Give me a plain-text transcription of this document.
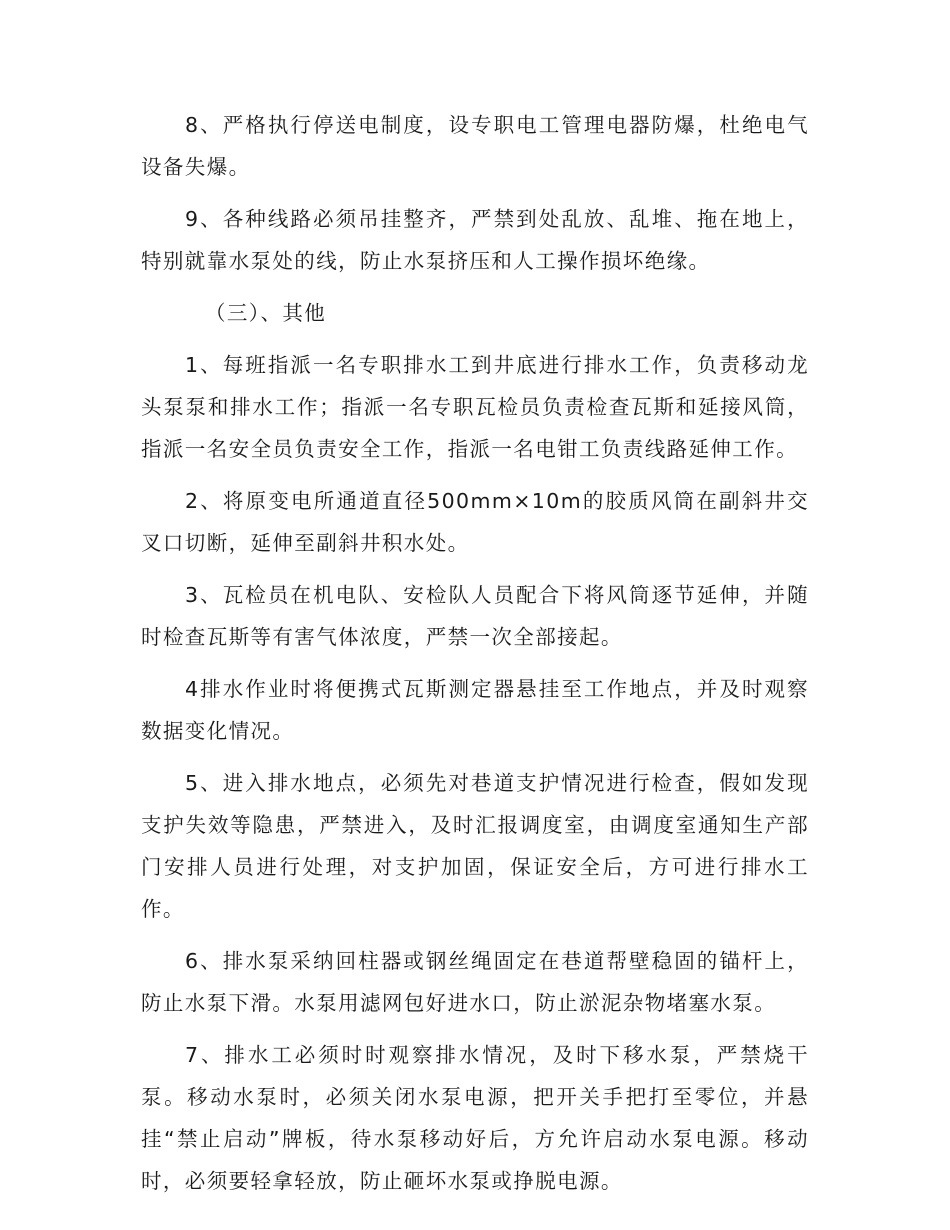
8、严格执行停送电制度，设专职电工管理电器防爆，杜绝电气设备失爆。

9、各种线路必须吊挂整齐，严禁到处乱放、乱堆、拖在地上，特别就靠水泵处的线，防止水泵挤压和人工操作损坏绝缘。

（三）、其他

1、每班指派一名专职排水工到井底进行排水工作，负责移动龙头泵泵和排水工作；指派一名专职瓦检员负责检查瓦斯和延接风筒，指派一名安全员负责安全工作，指派一名电钳工负责线路延伸工作。

2、将原变电所通道直径500mm×10m的胶质风筒在副斜井交叉口切断，延伸至副斜井积水处。

3、瓦检员在机电队、安检队人员配合下将风筒逐节延伸，并随时检查瓦斯等有害气体浓度，严禁一次全部接起。

4排水作业时将便携式瓦斯测定器悬挂至工作地点，并及时观察数据变化情况。

5、进入排水地点，必须先对巷道支护情况进行检查，假如发现支护失效等隐患，严禁进入，及时汇报调度室，由调度室通知生产部门安排人员进行处理，对支护加固，保证安全后，方可进行排水工作。

6、排水泵采纳回柱器或钢丝绳固定在巷道帮壁稳固的锚杆上，防止水泵下滑。水泵用滤网包好进水口，防止淤泥杂物堵塞水泵。

7、排水工必须时时观察排水情况，及时下移水泵，严禁烧干泵。移动水泵时，必须关闭水泵电源，把开关手把打至零位，并悬挂“禁止启动”牌板，待水泵移动好后，方允许启动水泵电源。移动时，必须要轻拿轻放，防止砸坏水泵或挣脱电源。
